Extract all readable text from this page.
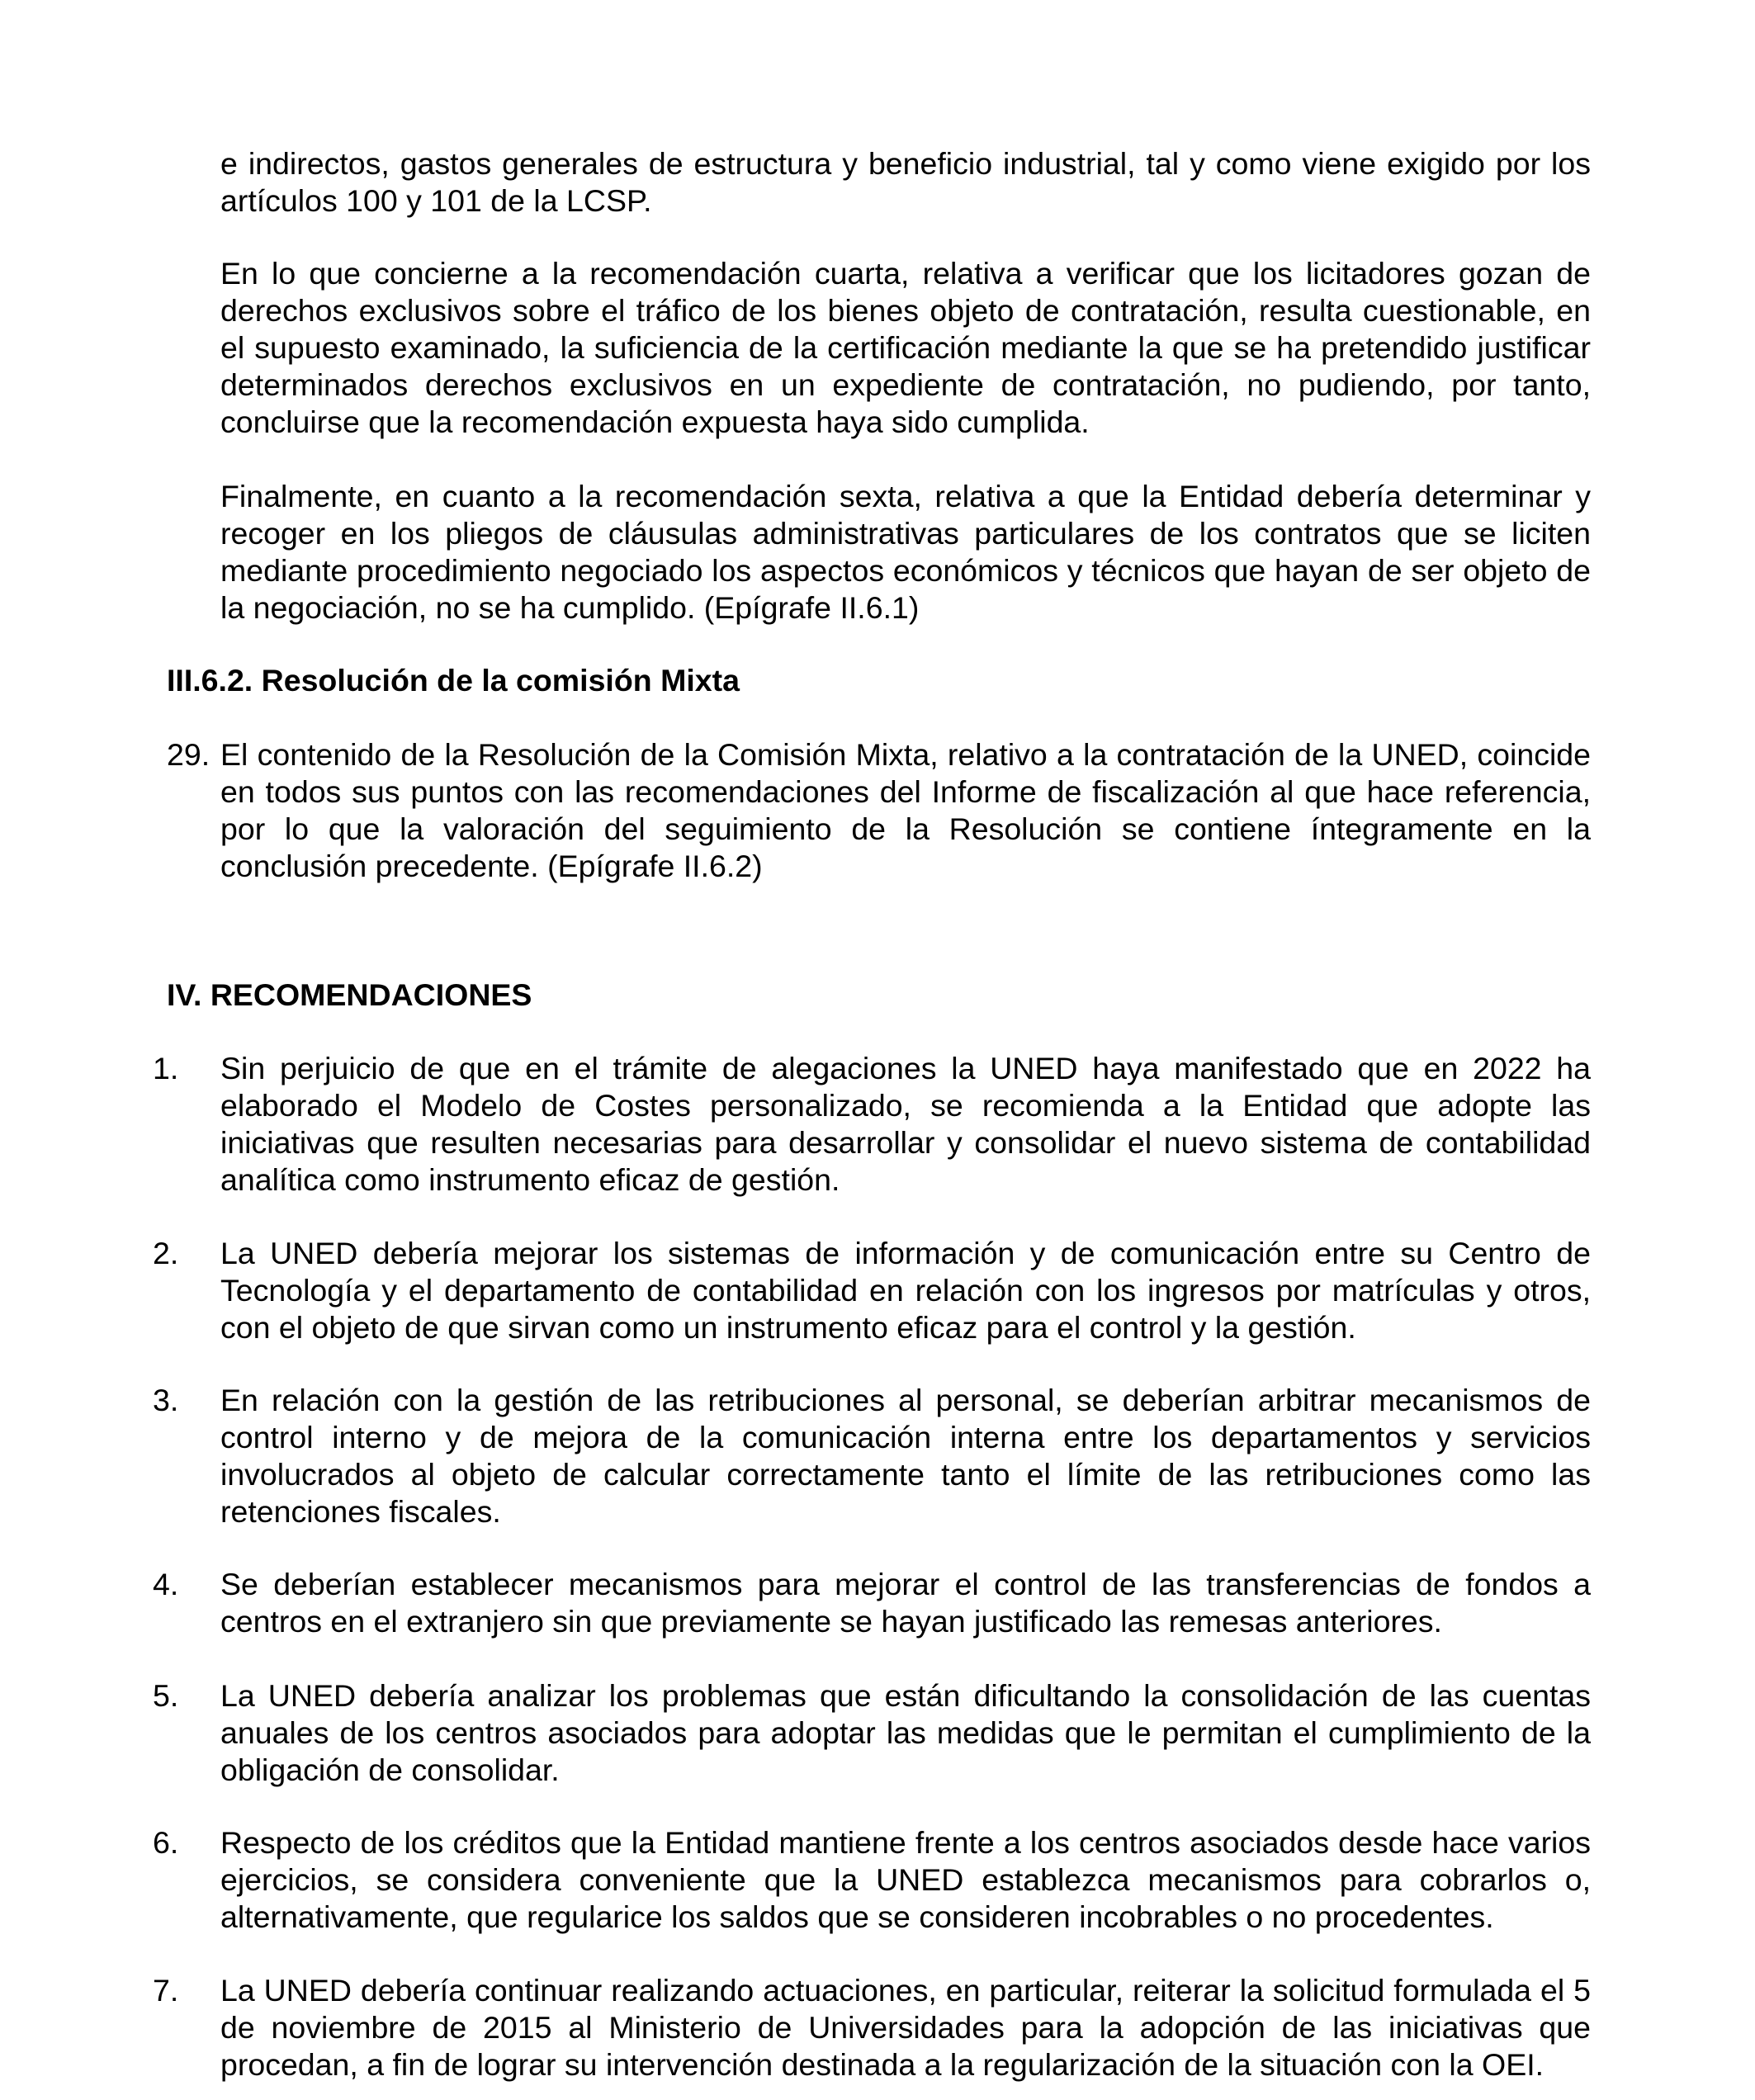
e indirectos, gastos generales de estructura y beneficio industrial, tal y como viene exigido por los artículos 100 y 101 de la LCSP.

En lo que concierne a la recomendación cuarta, relativa a verificar que los licitadores gozan de derechos exclusivos sobre el tráfico de los bienes objeto de contratación, resulta cuestionable, en el supuesto examinado, la suficiencia de la certificación mediante la que se ha pretendido justificar determinados derechos exclusivos en un expediente de contratación, no pudiendo, por tanto, concluirse que la recomendación expuesta haya sido cumplida.

Finalmente, en cuanto a la recomendación sexta, relativa a que la Entidad debería determinar y recoger en los pliegos de cláusulas administrativas particulares de los contratos que se liciten mediante procedimiento negociado los aspectos económicos y técnicos que hayan de ser objeto de la negociación, no se ha cumplido. (Epígrafe II.6.1)

III.6.2. Resolución de la comisión Mixta
29. El contenido de la Resolución de la Comisión Mixta, relativo a la contratación de la UNED, coincide en todos sus puntos con las recomendaciones del Informe de fiscalización al que hace referencia, por lo que la valoración del seguimiento de la Resolución se contiene íntegramente en la conclusión precedente. (Epígrafe II.6.2)

IV. RECOMENDACIONES
1. Sin perjuicio de que en el trámite de alegaciones la UNED haya manifestado que en 2022 ha elaborado el Modelo de Costes personalizado, se recomienda a la Entidad que adopte las iniciativas que resulten necesarias para desarrollar y consolidar el nuevo sistema de contabilidad analítica como instrumento eficaz de gestión.

2. La UNED debería mejorar los sistemas de información y de comunicación entre su Centro de Tecnología y el departamento de contabilidad en relación con los ingresos por matrículas y otros, con el objeto de que sirvan como un instrumento eficaz para el control y la gestión.

3. En relación con la gestión de las retribuciones al personal, se deberían arbitrar mecanismos de control interno y de mejora de la comunicación interna entre los departamentos y servicios involucrados al objeto de calcular correctamente tanto el límite de las retribuciones como las retenciones fiscales.

4. Se deberían establecer mecanismos para mejorar el control de las transferencias de fondos a centros en el extranjero sin que previamente se hayan justificado las remesas anteriores.

5. La UNED debería analizar los problemas que están dificultando la consolidación de las cuentas anuales de los centros asociados para adoptar las medidas que le permitan el cumplimiento de la obligación de consolidar.

6. Respecto de los créditos que la Entidad mantiene frente a los centros asociados desde hace varios ejercicios, se considera conveniente que la UNED establezca mecanismos para cobrarlos o, alternativamente, que regularice los saldos que se consideren incobrables o no procedentes.

7. La UNED debería continuar realizando actuaciones, en particular, reiterar la solicitud formulada el 5 de noviembre de 2015 al Ministerio de Universidades para la adopción de las iniciativas que procedan, a fin de lograr su intervención destinada a la regularización de la situación con la OEI.
